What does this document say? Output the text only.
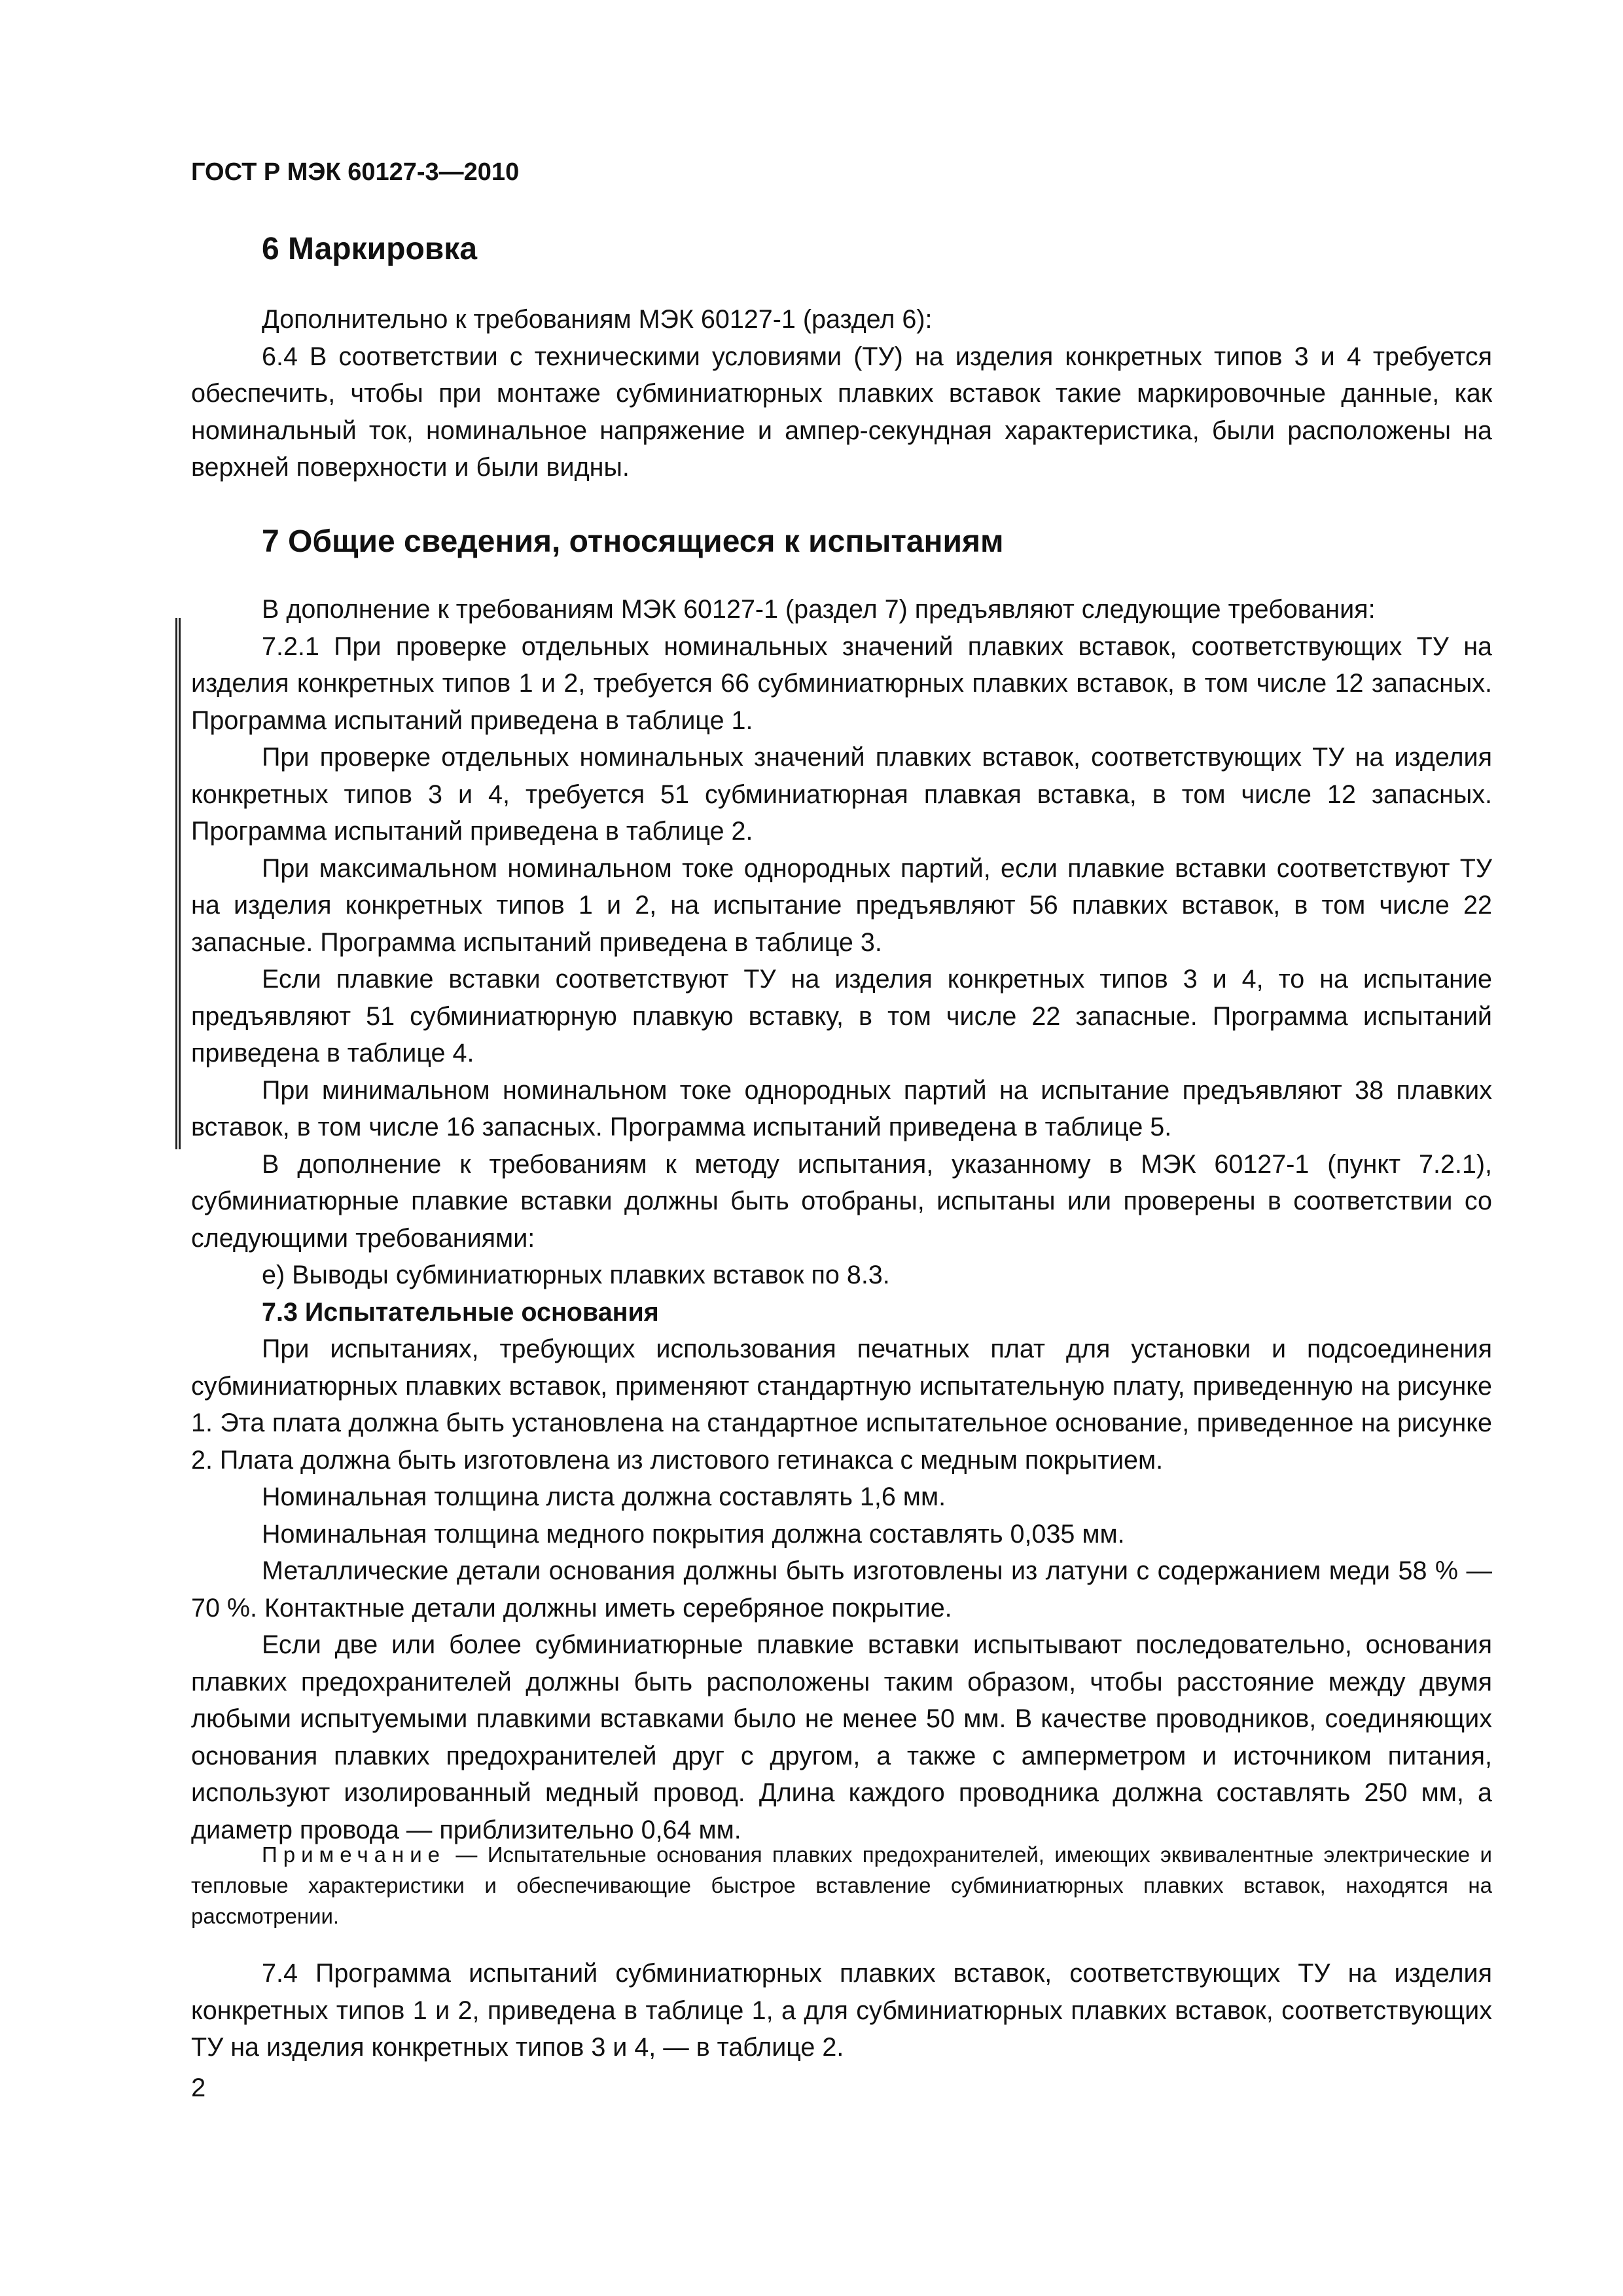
ГОСТ Р МЭК 60127-3—2010
6 Маркировка

Дополнительно к требованиям МЭК 60127-1 (раздел 6):

6.4 В соответствии с техническими условиями (ТУ) на изделия конкретных типов 3 и 4 требуется обеспечить, чтобы при монтаже субминиатюрных плавких вставок такие маркировочные данные, как номинальный ток, номинальное напряжение и ампер-секундная характеристика, были расположены на верхней поверхности и были видны.

7 Общие сведения, относящиеся к испытаниям

В дополнение к требованиям МЭК 60127-1 (раздел 7) предъявляют следующие требования:

7.2.1 При проверке отдельных номинальных значений плавких вставок, соответствующих ТУ на изделия конкретных типов 1 и 2, требуется 66 субминиатюрных плавких вставок, в том числе 12 запасных. Программа испытаний приведена в таблице 1.

При проверке отдельных номинальных значений плавких вставок, соответствующих ТУ на изделия конкретных типов 3 и 4, требуется 51 субминиатюрная плавкая вставка, в том числе 12 запасных. Программа испытаний приведена в таблице 2.

При максимальном номинальном токе однородных партий, если плавкие вставки соответствуют ТУ на изделия конкретных типов 1 и 2, на испытание предъявляют 56 плавких вставок, в том числе 22 запасные. Программа испытаний приведена в таблице 3.

Если плавкие вставки соответствуют ТУ на изделия конкретных типов 3 и 4, то на испытание предъявляют 51 субминиатюрную плавкую вставку, в том числе 22 запасные. Программа испытаний приведена в таблице 4.

При минимальном номинальном токе однородных партий на испытание предъявляют 38 плавких вставок, в том числе 16 запасных. Программа испытаний приведена в таблице 5.

В дополнение к требованиям к методу испытания, указанному в МЭК 60127-1 (пункт 7.2.1), субминиатюрные плавкие вставки должны быть отобраны, испытаны или проверены в соответствии со следующими требованиями:

е) Выводы субминиатюрных плавких вставок по 8.3.

7.3 Испытательные основания

При испытаниях, требующих использования печатных плат для установки и подсоединения субминиатюрных плавких вставок, применяют стандартную испытательную плату, приведенную на рисунке 1. Эта плата должна быть установлена на стандартное испытательное основание, приведенное на рисунке 2. Плата должна быть изготовлена из листового гетинакса с медным покрытием.

Номинальная толщина листа должна составлять 1,6 мм.

Номинальная толщина медного покрытия должна составлять 0,035 мм.

Металлические детали основания должны быть изготовлены из латуни с содержанием меди 58 % — 70 %. Контактные детали должны иметь серебряное покрытие.

Если две или более субминиатюрные плавкие вставки испытывают последовательно, основания плавких предохранителей должны быть расположены таким образом, чтобы расстояние между двумя любыми испытуемыми плавкими вставками было не менее 50 мм. В качестве проводников, соединяющих основания плавких предохранителей друг с другом, а также с амперметром и источником питания, используют изолированный медный провод. Длина каждого проводника должна составлять 250 мм, а диаметр провода — приблизительно 0,64 мм.

Примечание — Испытательные основания плавких предохранителей, имеющих эквивалентные электрические и тепловые характеристики и обеспечивающие быстрое вставление субминиатюрных плавких вставок, находятся на рассмотрении.

7.4 Программа испытаний субминиатюрных плавких вставок, соответствующих ТУ на изделия конкретных типов 1 и 2, приведена в таблице 1, а для субминиатюрных плавких вставок, соответствующих ТУ на изделия конкретных типов 3 и 4, — в таблице 2.

2
